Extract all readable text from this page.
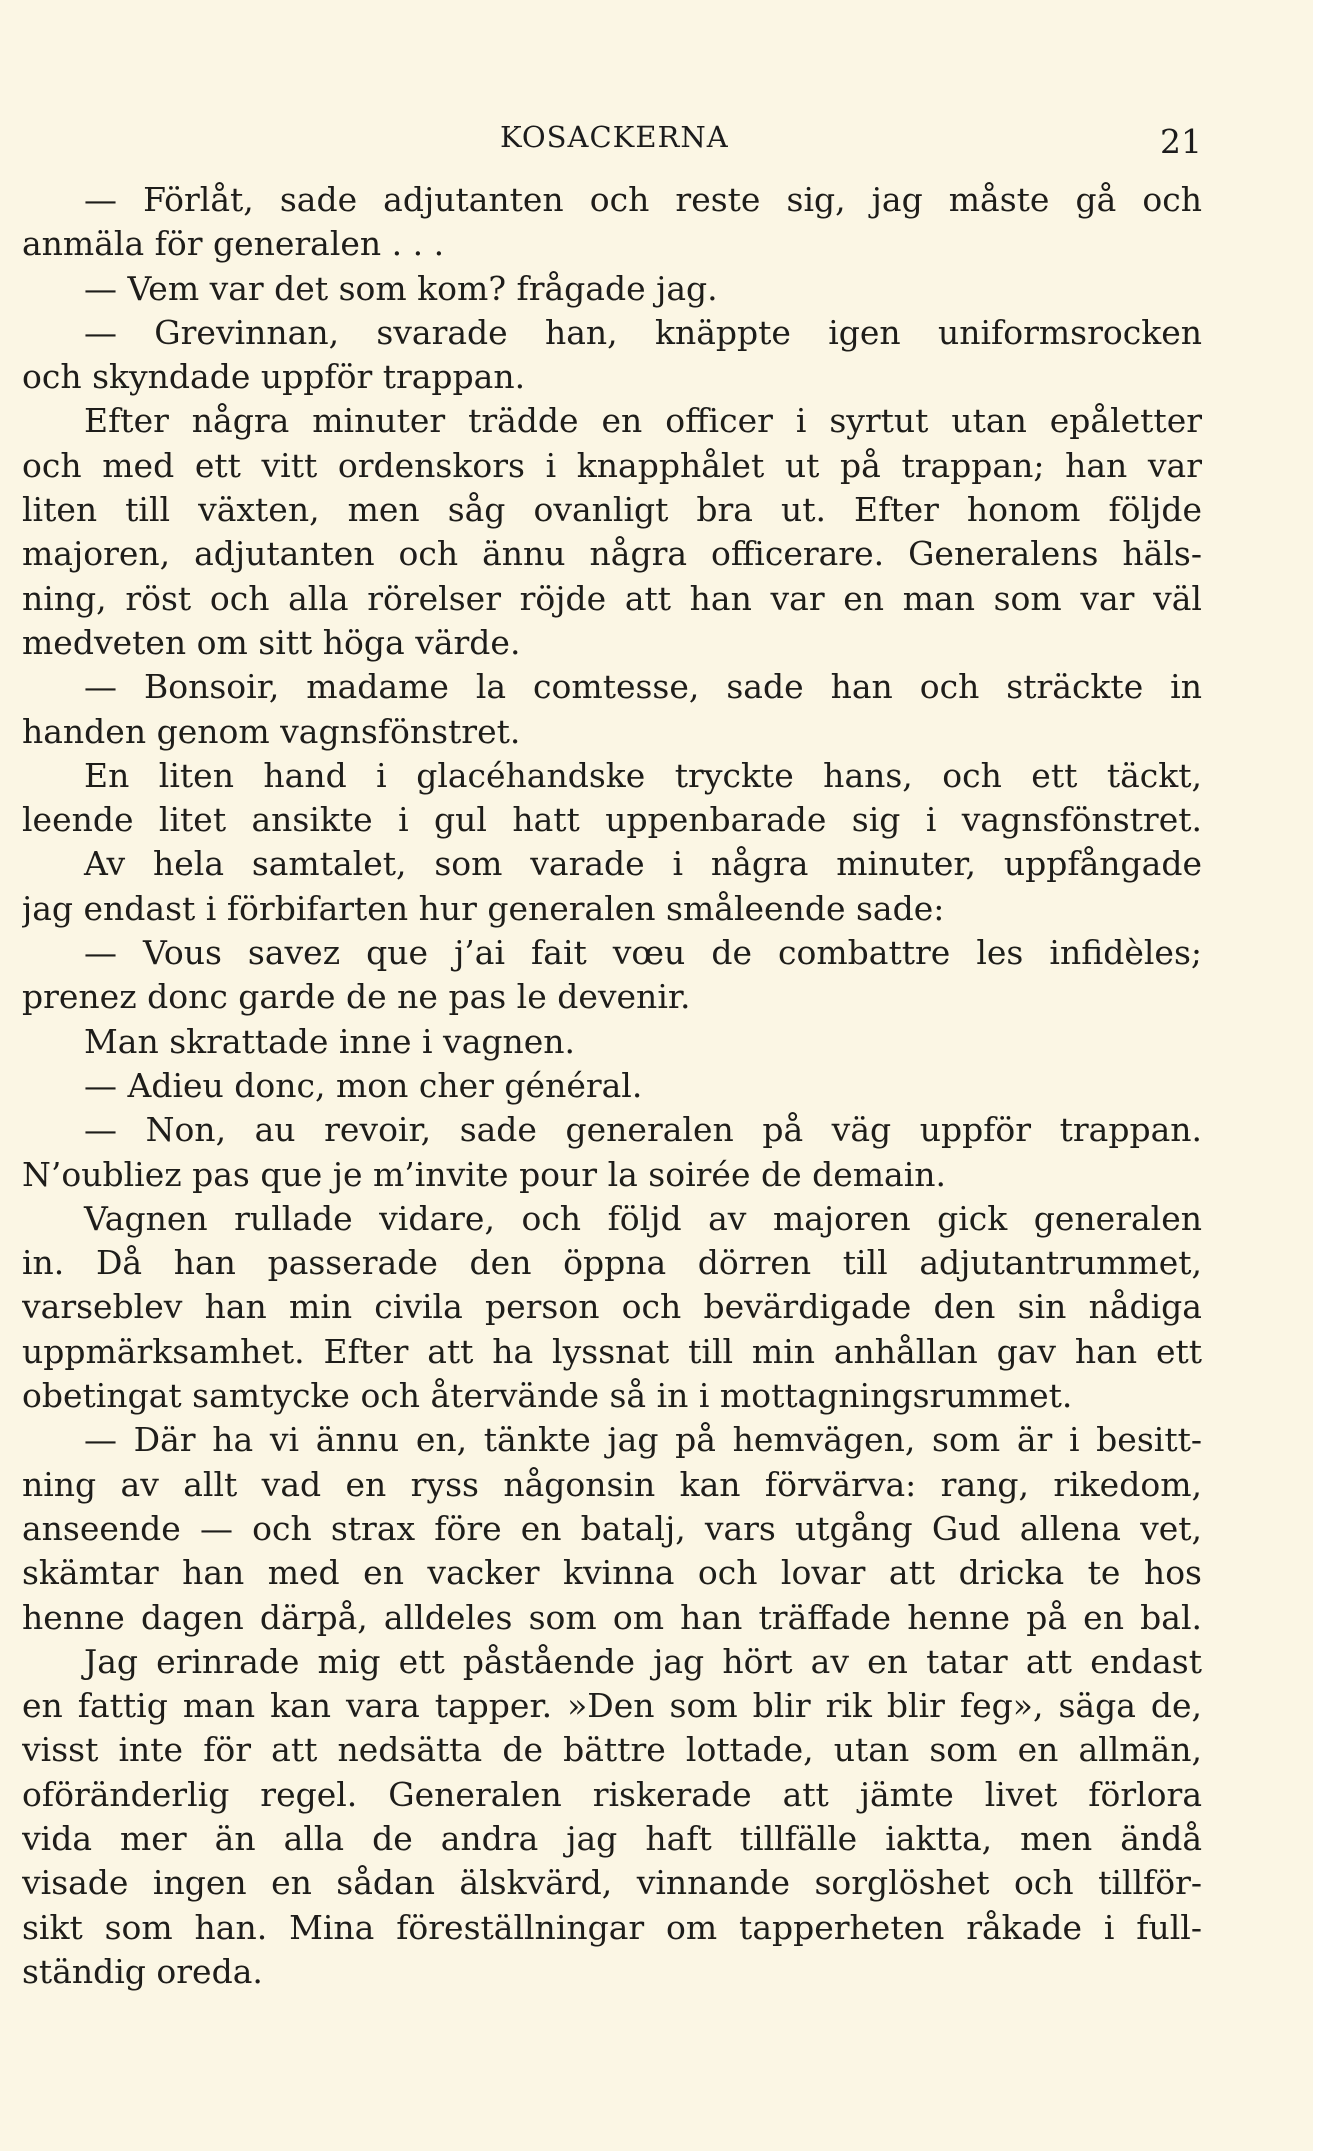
KOSACKERNA	21
— Förlåt, sade adjutanten och reste sig, jag måste gå och
anmäla för generalen . . .
— Vem var det som kom? frågade jag.
— Grevinnan, svarade han, knäppte igen uniformsrocken
och skyndade uppför trappan.
Efter några minuter trädde en officer i syrtut utan epåletter
och med ett vitt ordenskors i knapphålet ut på trappan; han var
liten till växten, men såg ovanligt bra ut. Efter honom följde
majoren, adjutanten och ännu några officerare. Generalens häls-
ning, röst och alla rörelser röjde att han var en man som var väl
medveten om sitt höga värde.
— Bonsoir, madame la comtesse, sade han och sträckte in
handen genom vagnsfönstret.
En liten hand i glacéhandske tryckte hans, och ett täckt,
leende litet ansikte i gul hatt uppenbarade sig i vagnsfönstret.
Av hela samtalet, som varade i några minuter, uppfångade
jag endast i förbifarten hur generalen småleende sade:
— Vous savez que j’ai fait vœu de combattre les infidèles;
prenez donc garde de ne pas le devenir.
Man skrattade inne i vagnen.
— Adieu donc, mon cher général.
— Non, au revoir, sade generalen på väg uppför trappan.
N’oubliez pas que je m’invite pour la soirée de demain.
Vagnen rullade vidare, och följd av majoren gick generalen
in. Då han passerade den öppna dörren till adjutantrummet,
varseblev han min civila person och bevärdigade den sin nådiga
uppmärksamhet. Efter att ha lyssnat till min anhållan gav han ett
obetingat samtycke och återvände så in i mottagningsrummet.
— Där ha vi ännu en, tänkte jag på hemvägen, som är i besitt-
ning av allt vad en ryss någonsin kan förvärva: rang, rikedom,
anseende — och strax före en batalj, vars utgång Gud allena vet,
skämtar han med en vacker kvinna och lovar att dricka te hos
henne dagen därpå, alldeles som om han träffade henne på en bal.
Jag erinrade mig ett påstående jag hört av en tatar att endast
en fattig man kan vara tapper. »Den som blir rik blir feg», säga de,
visst inte för att nedsätta de bättre lottade, utan som en allmän,
oföränderlig regel. Generalen riskerade att jämte livet förlora
vida mer än alla de andra jag haft tillfälle iaktta, men ändå
visade ingen en sådan älskvärd, vinnande sorglöshet och tillför-
sikt som han. Mina föreställningar om tapperheten råkade i full-
ständig oreda.
